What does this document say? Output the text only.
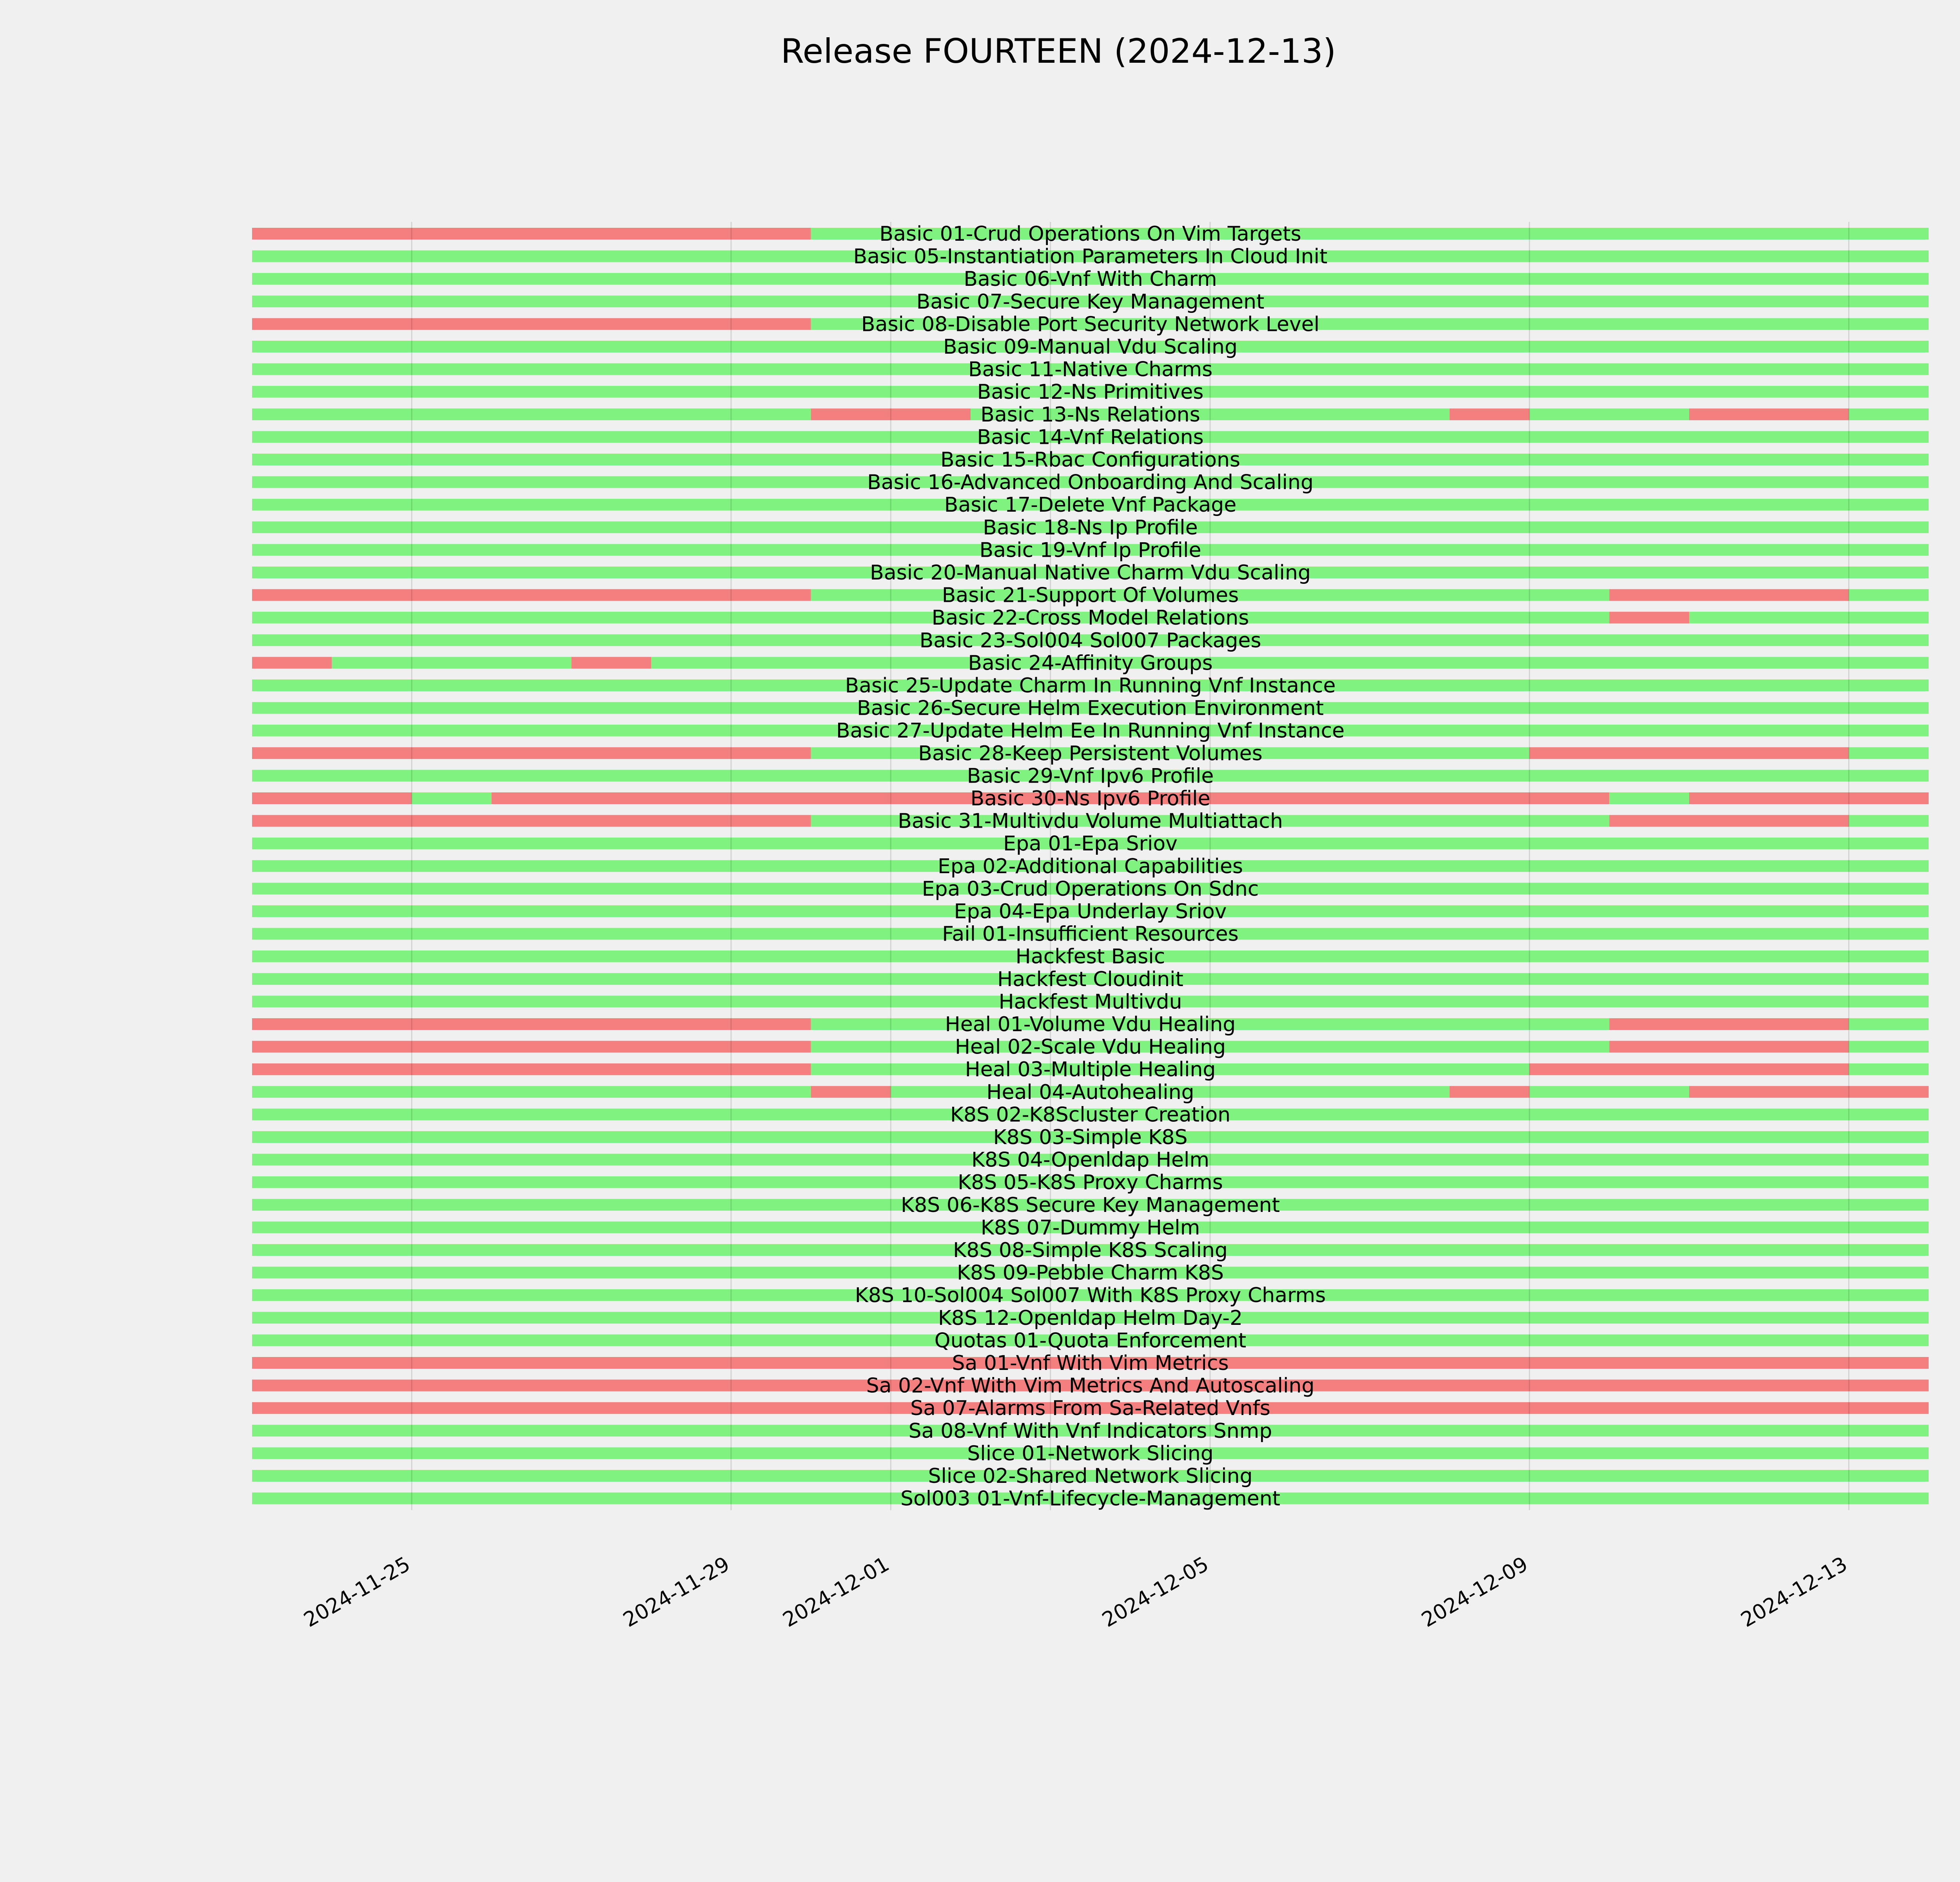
Release FOURTEEN (2024-12-13)
Basic 01-Crud Operations On Vim Targets
Basic 05-Instantiation Parameters In Cloud Init
Basic 06-Vnf With Charm
Basic 07-Secure Key Management
Basic 08-Disable Port Security Network Level
Basic 09-Manual Vdu Scaling
Basic 11-Native Charms
Basic 12-Ns Primitives
Basic 13-Ns Relations
Basic 14-Vnf Relations
Basic 15-Rbac Configurations
Basic 16-Advanced Onboarding And Scaling
Basic 17-Delete Vnf Package
Basic 18-Ns Ip Profile
Basic 19-Vnf Ip Profile
Basic 20-Manual Native Charm Vdu Scaling
Basic 21-Support Of Volumes
Basic 22-Cross Model Relations
Basic 23-Sol004 Sol007 Packages
Basic 24-Affinity Groups
Basic 25-Update Charm In Running Vnf Instance
Basic 26-Secure Helm Execution Environment
Basic 27-Update Helm Ee In Running Vnf Instance
Basic 28-Keep Persistent Volumes
Basic 29-Vnf Ipv6 Profile
Basic 30-Ns Ipv6 Profile
Basic 31-Multivdu Volume Multiattach
Epa 01-Epa Sriov
Epa 02-Additional Capabilities
Epa 03-Crud Operations On Sdnc
Epa 04-Epa Underlay Sriov
Fail 01-Insufficient Resources
Hackfest Basic
Hackfest Cloudinit
Hackfest Multivdu
Heal 01-Volume Vdu Healing
Heal 02-Scale Vdu Healing
Heal 03-Multiple Healing
Heal 04-Autohealing
K8S 02-K8Scluster Creation
K8S 03-Simple K8S
K8S 04-Openldap Helm
K8S 05-K8S Proxy Charms
K8S 06-K8S Secure Key Management
K8S 07-Dummy Helm
K8S 08-Simple K8S Scaling
K8S 09-Pebble Charm K8S
K8S 10-Sol004 Sol007 With K8S Proxy Charms
K8S 12-Openldap Helm Day-2
Quotas 01-Quota Enforcement
Sa 01-Vnf With Vim Metrics
Sa 02-Vnf With Vim Metrics And Autoscaling
Sa 07-Alarms From Sa-Related Vnfs
Sa 08-Vnf With Vnf Indicators Snmp
Slice 01-Network Slicing
Slice 02-Shared Network Slicing
Sol003 01-Vnf-Lifecycle-Management
2024-11-25	2024-11-29 2024-12-01	2024-12-05	2024-12-09	2024-12-13
